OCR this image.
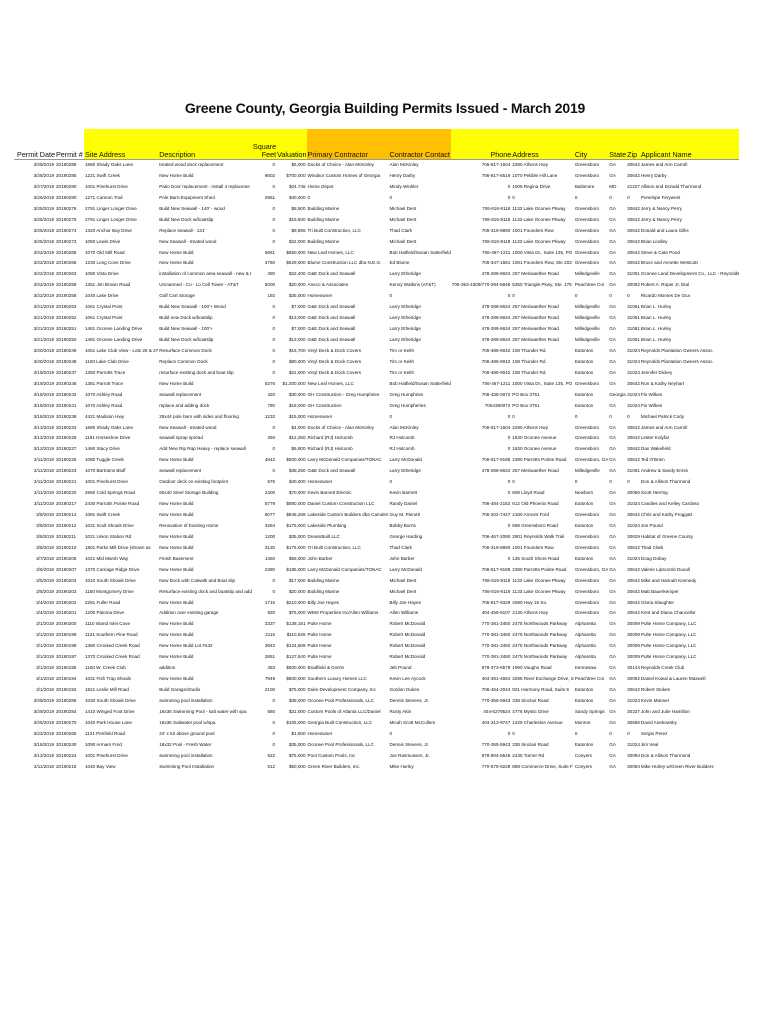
Greene County, Georgia Building Permits Issued - March 2019
Permit Date	Permit #	Site Address	Description	Square Feet	Valuation	Primary Contractor	Contractor Contact	Phone	Address	City	State	Zip	Applicant Name
3/29/2019	20190288	1680 Shady Oaks Lane	treated wood dock replacement	0	$5,000	Docks of Choice - Alan McKinley	Alan McKinley	706-817-1504	2290 Athens Hwy	Greensboro	GA	30642	James and Ann Carroll
3/28/2019	20190285	1221 Swift Creek	New Home Build	6602	$700,000	Windsor Custom Homes of Georgia	Henry Darby	706-817-6519	1070 Pebble Hill Lane	Greensboro	GA	30642	Henry Darby
3/27/2019	20190280	1001 Pinehurst Drive	Patio Door replacement - install 4 replaceme	0	$24,748	Home Depot	Mindy Winkler	0	1005 Regina Drive	Baltimore	MD	21227	Allison and Donald Thurmond
3/26/2019	20190280	1271 Cannon Trail	Pole Barn-Equipment Shed	2951	$40,000	0	0	0	0	0	0	0	Penelope Ferywest
3/25/2019	20190276	2791 Linger Longer Drive	Build New Seawall - 140' - wood	0	$8,500	Building Marine	Michael Dent	706-816-9118	1133 Lake Oconee Pkway	Greensboro	GA	30642	Jerry & Nancy Perry
3/25/2019	20190275	2791 Linger Longer Drive	Build New Dock w/boatslip	0	$19,500	Building Marine	Michael Dent	706-816-9118	1133 Lake Oconee Pkway	Greensboro	GA	30642	Jerry & Nancy Perry
3/25/2019	20190274	1320 Anchor Bay Drive	Replace seawall - 131'	0	$9,855	Tri Built Construction, LLC	Thad Clark	706-319-8890	1001 Founders Row	Greensboro	GA	30642	Donald and Laura Gillis
3/25/2019	20190273	1050 Lewis Drive	New Seawall - treated wood	0	$22,000	Building Marine	Michael Dent	706-816-9118	1133 Lake Oconee Pkway	Greensboro	GA	30642	Brian Lindley
3/22/2019	20190268	1070 Old Still Road	New Home Build	5661	$650,000	New Leaf Homes, LLC	Bob Hatfield/Susan Satterfield	706-467-1211	1000 Vista Dr., Suite 135, PO	Greensboro	GA	30642	Steve & Cate Pond
3/22/2019	20190266	1230 Long Cove Drive	New Home Build	4760	$529,000	Blume Construction LLC dba N.E.G.	Ed Blume	706-347-1581	1061 Founders Row, Ste 203	Greensboro	GA	30642	Bruce and Annette Westcott
3/22/2019	20190263	1080 Vista Drive	installation of common area seawall - new & t	280	$22,400	G&E Dock and Seawall	Larry Etheridge	478-288-6634	257 Meriwaether Road	Milledgeville	GA	31061	Oconee Land Development Co., LLC - Reynolds
3/22/2019	20190259	1351 Jim Brown Road	Unmanned - Co - Lo Cell Tower - AT&T	5000	$20,000	Aneco & Associates	Kenny Watkins (AT&T)	706-353-4309/770-294-5848	5350 Triangle Pkwy, Ste. 175	Peachtree Cor	GA	30092	Robert A. Roper Jr, Etal
3/22/2019	20190258	1040 Lake Drive	Golf Cart Storage	192	$35,000	Homeowner	0	0	0	0	0	0	Ricardo Montes De Oca
3/21/2019	20190253	1061 Crystal Point	Build New Seawall - 100'+ Wood	0	$7,000	G&E Dock and Seawall	Larry Etheridge	478-288-6634	257 Meriwaether Road	Milledgeville	GA	31061	Brian L. Hurley
3/21/2019	20190252	1061 Crystal Point	Build new Dock w/boatslip	0	$13,000	G&E Dock and Seawall	Larry Etheridge	478-288-6634	257 Meriwaether Road	Milledgeville	GA	31061	Brian L. Hurley
3/21/2019	20190251	1481 Oconee Landing Drive	Build New Seawall - 100'+	0	$7,000	G&E Dock and Seawall	Larry Etheridge	478-288-6634	257 Meriwaether Road	Milledgeville	GA	31061	Brian L. Hurley
3/21/2019	20190250	1481 Oconee Landing Drive	Build New Dock w/boatslip	0	$13,000	G&E Dock and Seawall	Larry Etheridge	478-288-6634	257 Meriwaether Road	Milledgeville	GA	31061	Brian L. Hurley
3/20/2019	20190249	1051 Lake Club View - Lots 26 & 27	Resurface Common Dock	0	$16,700	Vinyl Deck & Dock Covers	Tim or Keith	706-485-9042	108 Thunder Rd.	Eatonton	GA	31024	Reynolds Plantation Owners Assoc.
3/20/2019	20190248	1100 Lake Club Drive	Replace Common Dock	0	$80,000	Vinyl Deck & Dock Covers	Tim or Keith	706-485-9042	108 Thunder Rd.	Eatonton	GA	31024	Reynolds Plantation Owners Assoc.
3/19/2019	20190247	1350 Parrotts Trace	resurface existing dock and boat slip	0	$22,000	Vinyl Deck & Dock Covers	Tim or Keith	706-485-9042	108 Thunder Rd.	Eatonton	GA	31024	Jennifer Dickey
3/19/2019	20190246	1381 Parrott Trace	New Home Build	8376	$1,300,000	New Leaf Homes, LLC	Bob Hatfield/Susan Satterfield	706-467-1211	1000 Vista Dr., Suite 135, PO	Greensboro	GA	30642	Ron & Kathy Neyhart
3/18/2019	20190242	1070 Ashley Road	seawall replacement	420	$30,000	GH Construction - Greg Humphries	Greg Humphries	706-438-0072	PO Box 3751	Eatonton	Georgia	31024	Flo Wilkes
3/18/2019	20190241	1070 Ashley Road	replace and adding dock	780	$18,000	GH Construction	Greg Humpheries	7064380072	PO Box 3751	Eatonton	GA	31024	Flo Wilkes
3/18/2019	20190238	4421 Madison Hwy	28x44 pole barn with sides and flooring	1232	$15,000	Homeowner	0	0	0	0	0	0	Michael Patrick Cody
3/13/2019	20190233	1680 Shady Oaks Lane	New Seawall - treated wood	0	$4,000	Docks of Choice - Alan McKinley	Alan McKinley	706-817-1504	2290 Athens Hwy	Greensboro	GA	30642	James and Ann Carroll
3/12/2019	20190228	1191 Horseshoe Drive	seawall riprap spread	250	$12,250	Richard (RJ) Holcomb	RJ Holcomb	0	1630 Oconee Avenue	Greensboro	GA	30642	Lester Kolyfar
3/12/2019	20190227	1460 Stacy Drive	Add New Rip Rap Heavy - replace seawall	0	$6,800	Richard (RJ) Holcomb	RJ Holcomb	0	1630 Oconee Avenue	Greensboro	GA	30642	Dan Wakefield
3/11/2019	20190225	1080 Tuggle Creek	New Home Build	4842	$500,000	Larry McDonald Companies/TONAC	Larry McDonald	706-817-9188	2380 Parrotts Pointe Road	Greensboro, GA	GA	30642	Ted O'Brien
3/11/2019	20190223	1070 Bartrams Bluff	seawall replacement	0	$38,250	G&E Dock and Seawall	Larry Etheridge	478-288-6634	257 Meriwaether Road	Milledgeville	GA	31061	Andrew & Sandy Ennis
3/11/2019	20190221	1001 Pinehurst Drive	Outdoor deck on existing footprint	576	$40,000	Homeowner	0	0	0	0	0	0	Don & Allison Thurmond
3/11/2019	20190220	2660 Cold Springs Road	60x40 Steel Storage Building	2400	$70,000	Kevin Barnett Electric	Kevin Barnett	0	608 Lloyd Road	Newborn	GA	30056	Scott Herring
3/11/2019	20190217	2430 Parrotts Pointe Road	New Home Build	5779	$880,000	Daniel Custom Construction LLC	Randy Daniel	706-484-2152	612 Old Phoenix Road	Eatonton	GA	31024	Candies and Kelley Cardoso
3/8/2019	20190214	1081 Swift Creek	New Home Build	6077	$845,269	Lakeside Custom Builders dba Camden	Guy M. Pierotti	706-202-7447	2180 Armors Ford	Greensboro	GA	30642	Chris and Kathy Froggatt
3/8/2019	20190212	1031 Scull Shoals Drive	Renovation of Existing Home	3284	$175,000	Lakeside Plumbing	Bobby Burns	0	598 Greensboro Road	Eatonton	GA	31024	Joe Pound
3/8/2019	20190211	1021 Union Station Rd	New Home Build	1200	$35,000	DreamBuilt LLC	George Harding	706-467-2090	2901 Reynolds Walk Trail	Greensboro	GA	30629	Habitat of Greene County
3/8/2019	20190210	1801 Parks Mill Drive (shown as	New Home Build	3130	$175,000	Tri Built Construction, LLC	Thad Clark	706-319-8890	1001 Founders Row	Greensboro	GA	30642	Thad Clark
3/7/2019	20190208	1021 Mid Marsh Way	Finish Basement	1450	$55,000	John Barber	John Barber	0	135 South Shore Road	Eatonton	GA	31024	Doug Dobay
3/6/2019	20190207	1370 Carriage Ridge Drive	New Home Build	2380	$185,000	Larry McDonald Companies/TONAC	Larry McDonald	706-817-9188	2380 Parrotts Pointe Road	Greensboro, GA	GA	30642	Valerie Lipscomb Duvall
3/5/2019	20190204	1010 South Shoals Drive	New Dock with Catwalk and Boat slip	0	$17,000	Building Marine	Michael Dent	706-816-9118	1133 Lake Oconee Pkway	Greensboro	GA	30642	Mike and Hannah Kennedy
3/5/2019	20190203	1150 Montgomery Drive	Resurface existing dock and boatslip and add	0	$20,000	Building Marine	Michael Dent	706-816-9118	1133 Lake Oconee Pkway	Greensboro	GA	30642	Matt Bauerkemper
3/4/2019	20190202	2281 Fuller Road	New Home Build	1715	$210,000	Billy Joe Hayes	Billy Joe Hayes	706-817-9328	4080 Hwy 15 So.	Greensboro	GA	30642	Gloria Slaughter
3/4/2019	20190201	1200 Paloma Drive	Addition over existing garage	920	$75,000	WMS Properties Inc/Allen Williams	Allen Williams	404-456-6107	2130 Athens Hwy	Greensboro	GA	30642	Kent and Diana Chancellor
3/1/2019	20190200	1110 Island Inlet Cove	New Home Build	3337	$138,161	Pulte Home	Robert McDonald	770-381-3450	2475 Northwoods Parkway	Alpharetta	GA	30009	Pulte Home Company, LLC
3/1/2019	20190199	1121 Southern Pine Road	New Home Build	2115	$110,626	Pulte Home	Robert McDonald	770-381-3450	2475 Northwoods Parkway	Alpharetta	GA	30009	Pulte Home Company, LLC
3/1/2019	20190198	1380 Crooked Creek Road	New Home Build Lot #442	3843	$124,509	Pulte Home	Robert McDonald	770-381-3450	2475 Northwoods Parkway	Alpharetta	GA	30009	Pulte Home Company, LLC
3/1/2019	20190197	1370 Crooked Creek Road	New Home Build	2851	$127,540	Pulte Home	Robert McDonald	770-381-3450	2475 Northwoods Parkway	Alpharetta	GA	30009	Pulte Home Company, LLC
3/1/2019	20190195	1100 W. Creek Club	addition	283	$600,000	Bradfield & Gorrie	Jeb Pound	678-373-6578	1990 Vaughn Road	Kennesaw	GA	30144	Reynolds Creek Club
3/1/2019	20190194	1031 Fish Trap Shoals	New Home Build	7949	$800,000	Southern Luxury Homes LLC	Kevin Lee Aycock	404-391-4654	3295 River Exchange Drive, S	Peachtree Cor	GA	30092	Daniel Kowal & Lauren Maxwell
3/1/2019	20190192	1821 Leslie Mill Road	Build Garage/Studio	2100	$75,000	Duke Development Company, Inc	Gordon Dukes	706-454-2044	921 Harmony Road, Suite 5	Eatonton	GA	30642	Robert Stokes
3/29/2019	20190286	1030 South Shoals Drive	swimming pool installation	0	$38,000	Oconee Pool Professionals, LLC	Dennis Stevens, Jr.	770-355-5943	338 Sinclair Road	Eatonton	GA	31024	Kevin Manner
3/29/2019	20190284	1410 Winged Foot Drive	16x35 Swimming Pool - salt water with spa	560	$31,000	Custom Pools of Atlanta LLC/Daniel	Rusty Akin	404-6279524	4776 Mystic Drive	Sandy Springs	GA	30327	John and Julie Hamilton
3/25/2019	20190270	1040 Park House Lane	16x36 Saltwater pool w/spa	0	$105,000	Georgia Built Construction, LLC	Micah Scott McCullers	404-313-9747	1429 Charleston Avenue	Monroe	GA	30656	David Anekowsky
3/22/2019	20190265	1121 Penfield Road	24' x 52 above ground pool	0	$1,500	Homeowner	0	0	0	0	0	0	Sergio Perez
3/18/2019	20190240	1090 Armars Ford	16x32 Pool - Fresh Water	0	$35,000	Oconee Pool Professionals, LLC	Dennis Stevens, Jr.	770-355-5943	338 Sinclair Road	Eatonton	GA	31024	Jim Veal
3/12/2019	20190224	1001 Pinehurst Drive	swimming pool installation	622	$75,000	Pool Custom Pools, Inc	Joe Rasmussen, Jr.	678-804-6546	2435 Turner Rd	Conyers	GA	30094	Don & Allison Thurmond
3/11/2019	20190218	1040 Bay View	Swimming Pool Installation	512	$50,000	Green River Builders, Inc.	Mike Hurley	770-679-9228	889 Commerce Drive, Suite F	Conyers	GA	30094	Mike Hurley w/Green River Builders
